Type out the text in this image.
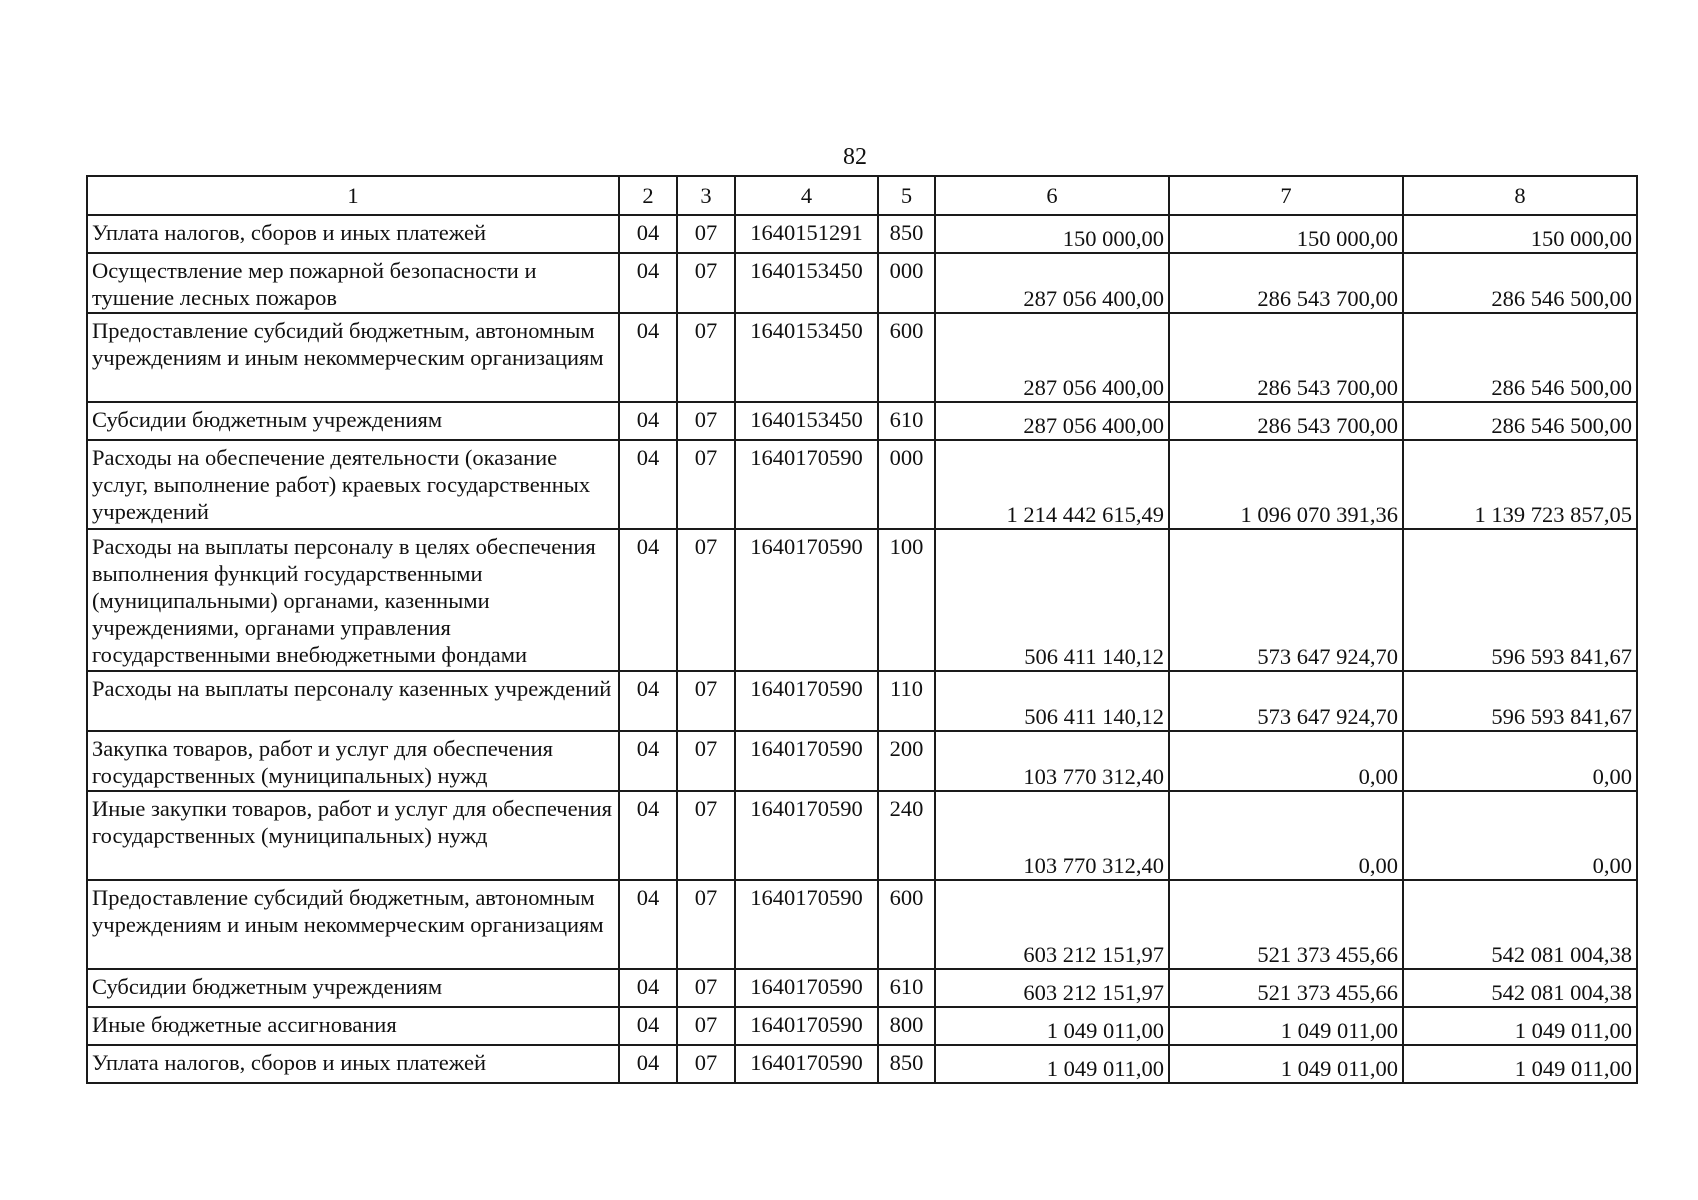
82
1	2	3	4	5	6	7	8
Уплата налогов, сборов и иных платежей	04	07	1640151291	850	150 000,00	150 000,00	150 000,00
Осуществление мер пожарной безопасности и тушение лесных пожаров	04	07	1640153450	000	287 056 400,00	286 543 700,00	286 546 500,00
Предоставление субсидий бюджетным, автономным учреждениям и иным некоммерческим организациям	04	07	1640153450	600	287 056 400,00	286 543 700,00	286 546 500,00
Субсидии бюджетным учреждениям	04	07	1640153450	610	287 056 400,00	286 543 700,00	286 546 500,00
Расходы на обеспечение деятельности (оказание услуг, выполнение работ) краевых государственных учреждений	04	07	1640170590	000	1 214 442 615,49	1 096 070 391,36	1 139 723 857,05
Расходы на выплаты персоналу в целях обеспечения выполнения функций государственными (муниципальными) органами, казенными учреждениями, органами управления государственными внебюджетными фондами	04	07	1640170590	100	506 411 140,12	573 647 924,70	596 593 841,67
Расходы на выплаты персоналу казенных учреждений	04	07	1640170590	110	506 411 140,12	573 647 924,70	596 593 841,67
Закупка товаров, работ и услуг для обеспечения государственных (муниципальных) нужд	04	07	1640170590	200	103 770 312,40	0,00	0,00
Иные закупки товаров, работ и услуг для обеспечения государственных (муниципальных) нужд	04	07	1640170590	240	103 770 312,40	0,00	0,00
Предоставление субсидий бюджетным, автономным учреждениям и иным некоммерческим организациям	04	07	1640170590	600	603 212 151,97	521 373 455,66	542 081 004,38
Субсидии бюджетным учреждениям	04	07	1640170590	610	603 212 151,97	521 373 455,66	542 081 004,38
Иные бюджетные ассигнования	04	07	1640170590	800	1 049 011,00	1 049 011,00	1 049 011,00
Уплата налогов, сборов и иных платежей	04	07	1640170590	850	1 049 011,00	1 049 011,00	1 049 011,00
